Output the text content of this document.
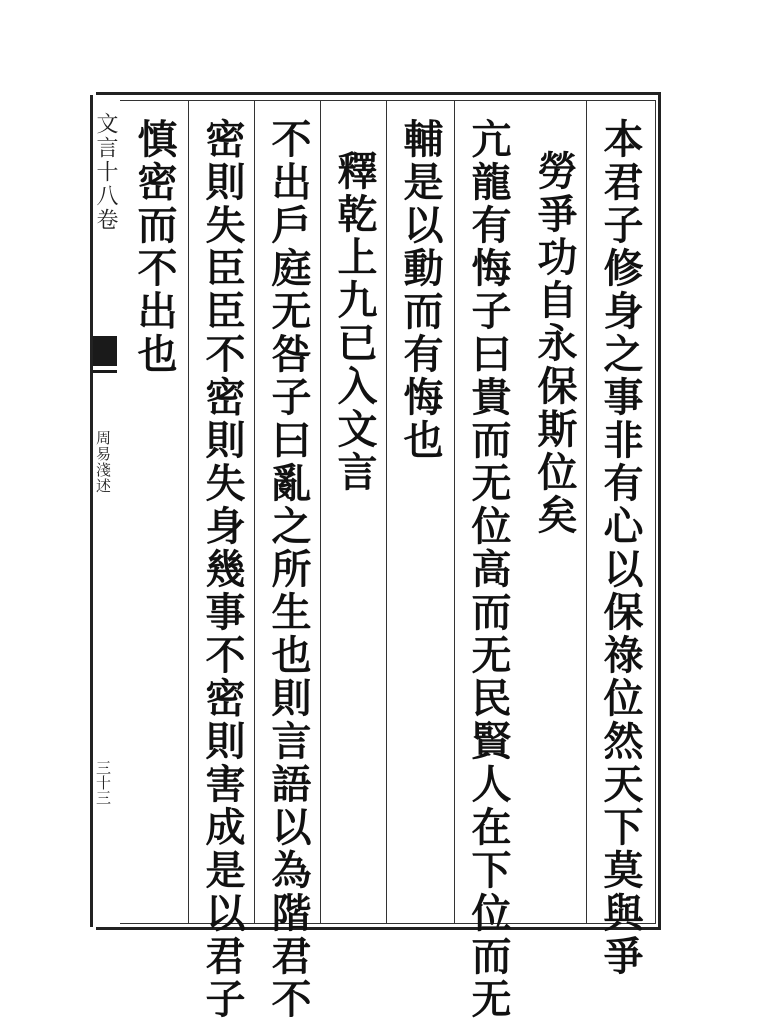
文言十八卷
周易淺述
三十三	本君子修身之事非有心以保祿位然天下莫與爭
勞爭功自永保斯位矣
亢龍有悔子曰貴而无位高而无民賢人在下位而无
輔是以動而有悔也
釋乾上九已入文言
不出戶庭无咎子曰亂之所生也則言語以為階君不
密則失臣臣不密則失身幾事不密則害成是以君子
慎密而不出也
